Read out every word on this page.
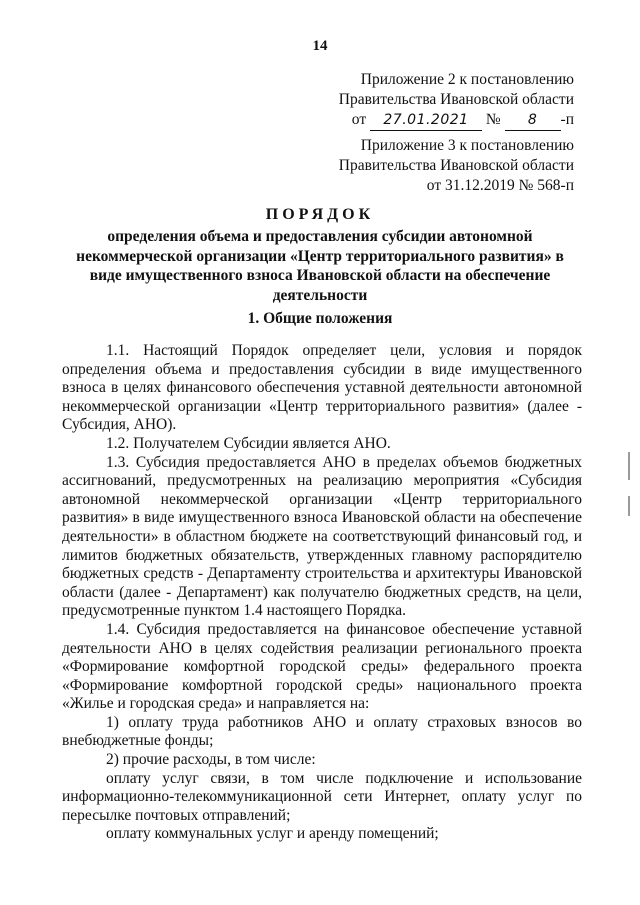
14
Приложение 2 к постановлению
Правительства Ивановской области
от 27.01.2021 № 8 -п
Приложение 3 к постановлению
Правительства Ивановской области
от 31.12.2019 № 568-п
ПОРЯДОК
определения объема и предоставления субсидии автономной некоммерческой организации «Центр территориального развития» в виде имущественного взноса Ивановской области на обеспечение деятельности
1. Общие положения

1.1. Настоящий Порядок определяет цели, условия и порядок определения объема и предоставления субсидии в виде имущественного взноса в целях финансового обеспечения уставной деятельности автономной некоммерческой организации «Центр территориального развития» (далее - Субсидия, АНО).

1.2. Получателем Субсидии является АНО.

1.3. Субсидия предоставляется АНО в пределах объемов бюджетных ассигнований, предусмотренных на реализацию мероприятия «Субсидия автономной некоммерческой организации «Центр территориального развития» в виде имущественного взноса Ивановской области на обеспечение деятельности» в областном бюджете на соответствующий финансовый год, и лимитов бюджетных обязательств, утвержденных главному распорядителю бюджетных средств - Департаменту строительства и архитектуры Ивановской области (далее - Департамент) как получателю бюджетных средств, на цели, предусмотренные пунктом 1.4 настоящего Порядка.

1.4. Субсидия предоставляется на финансовое обеспечение уставной деятельности АНО в целях содействия реализации регионального проекта «Формирование комфортной городской среды» федерального проекта «Формирование комфортной городской среды» национального проекта «Жилье и городская среда» и направляется на:

1) оплату труда работников АНО и оплату страховых взносов во внебюджетные фонды;

2) прочие расходы, в том числе:

оплату услуг связи, в том числе подключение и использование информационно-телекоммуникационной сети Интернет, оплату услуг по пересылке почтовых отправлений;

оплату коммунальных услуг и аренду помещений;
